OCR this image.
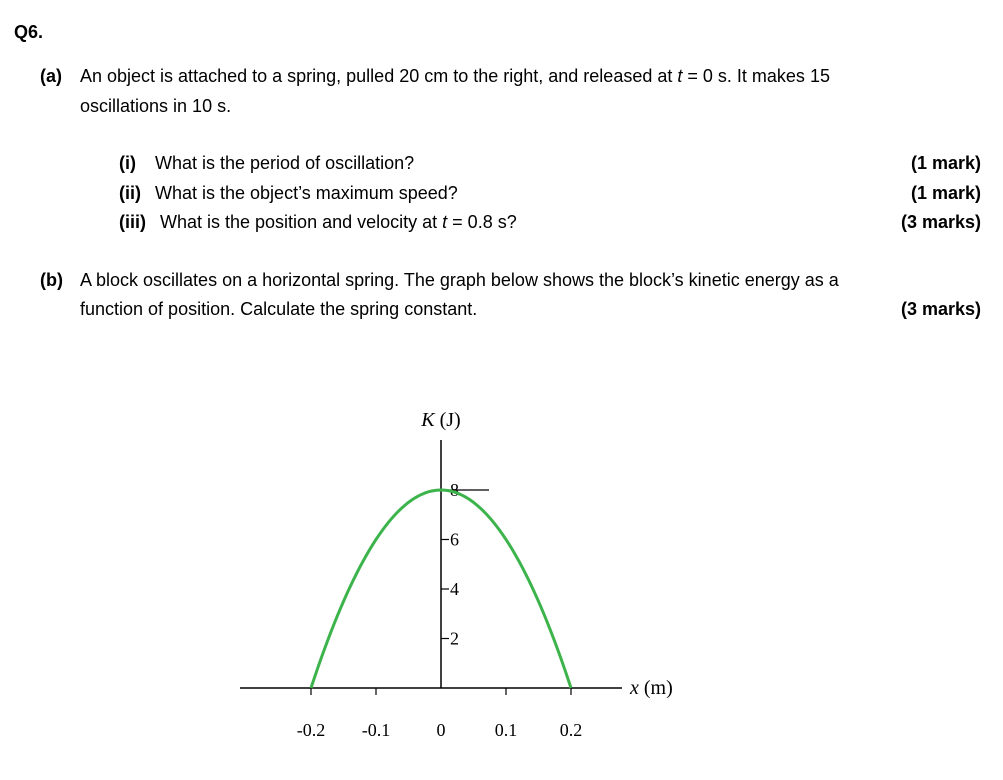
Q6.
(a) An object is attached to a spring, pulled 20 cm to the right, and released at t = 0 s. It makes 15
oscillations in 10 s.
(i) What is the period of oscillation?	(1 mark)
(ii) What is the object’s maximum speed?	(1 mark)
(iii) What is the position and velocity at t = 0.8 s?	(3 marks)
(b) A block oscillates on a horizontal spring. The graph below shows the block’s kinetic energy as a
function of position. Calculate the spring constant.	(3 marks)
K (J)
x (m)
-0.2 -0.1	0	0.1 0.2
2
4
6
8
